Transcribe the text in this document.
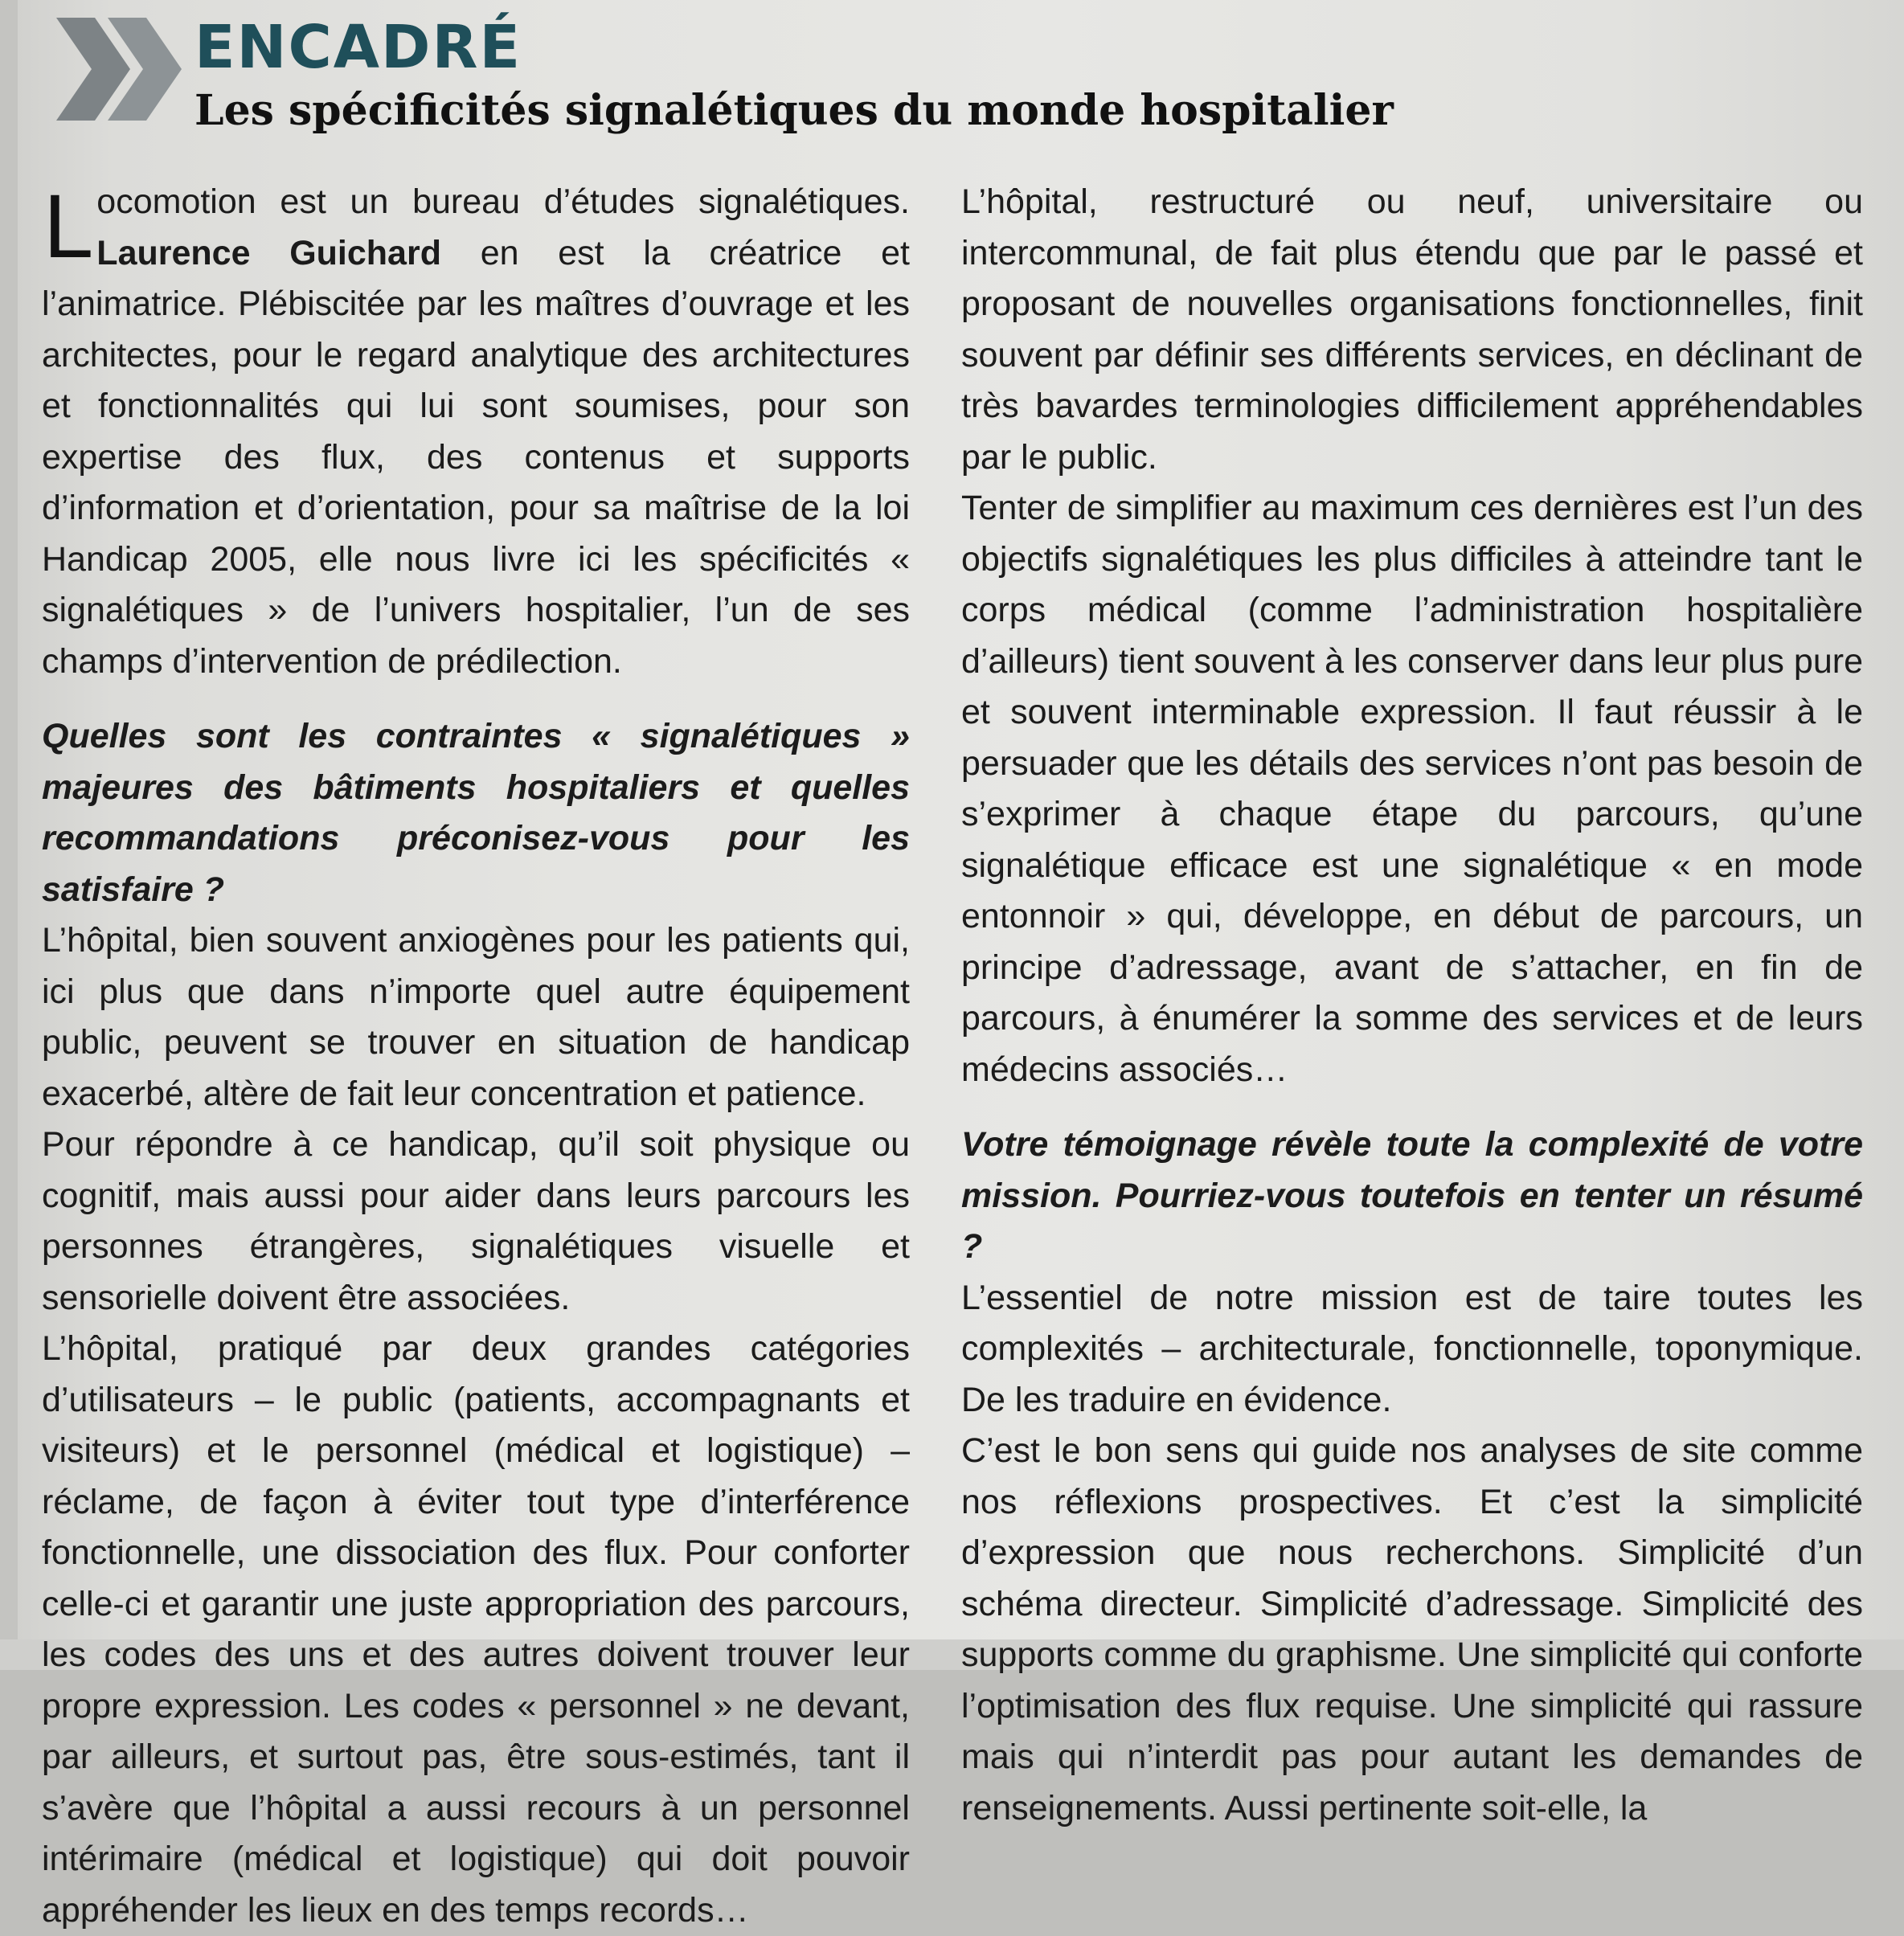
ENCADRÉ
Les spécificités signalétiques du monde hospitalier

Locomotion est un bureau d’études signalétiques. Laurence Guichard en est la créatrice et l’animatrice. Plébiscitée par les maîtres d’ouvrage et les architectes, pour le regard analytique des architectures et fonctionnalités qui lui sont soumises, pour son expertise des flux, des contenus et supports d’information et d’orientation, pour sa maîtrise de la loi Handicap 2005, elle nous livre ici les spécificités « signalétiques » de l’univers hospitalier, l’un de ses champs d’intervention de prédilection.

Quelles sont les contraintes « signalétiques » majeures des bâtiments hospitaliers et quelles recommandations préconisez-vous pour les satisfaire ?

L’hôpital, bien souvent anxiogènes pour les patients qui, ici plus que dans n’importe quel autre équipement public, peuvent se trouver en situation de handicap exacerbé, altère de fait leur concentration et patience.

Pour répondre à ce handicap, qu’il soit physique ou cognitif, mais aussi pour aider dans leurs parcours les personnes étrangères, signalétiques visuelle et sensorielle doivent être associées.

L’hôpital, pratiqué par deux grandes catégories d’utilisateurs – le public (patients, accompagnants et visiteurs) et le personnel (médical et logistique) – réclame, de façon à éviter tout type d’interférence fonctionnelle, une dissociation des flux. Pour conforter celle-ci et garantir une juste appropriation des parcours, les codes des uns et des autres doivent trouver leur propre expression. Les codes « personnel » ne devant, par ailleurs, et surtout pas, être sous-estimés, tant il s’avère que l’hôpital a aussi recours à un personnel intérimaire (médical et logistique) qui doit pouvoir appréhender les lieux en des temps records…

L’hôpital, restructuré ou neuf, universitaire ou intercommunal, de fait plus étendu que par le passé et proposant de nouvelles organisations fonctionnelles, finit souvent par définir ses différents services, en déclinant de très bavardes terminologies difficilement appréhendables par le public.

Tenter de simplifier au maximum ces dernières est l’un des objectifs signalétiques les plus difficiles à atteindre tant le corps médical (comme l’administration hospitalière d’ailleurs) tient souvent à les conserver dans leur plus pure et souvent interminable expression. Il faut réussir à le persuader que les détails des services n’ont pas besoin de s’exprimer à chaque étape du parcours, qu’une signalétique efficace est une signalétique « en mode entonnoir » qui, développe, en début de parcours, un principe d’adressage, avant de s’attacher, en fin de parcours, à énumérer la somme des services et de leurs médecins associés…

Votre témoignage révèle toute la complexité de votre mission. Pourriez-vous toutefois en tenter un résumé ?

L’essentiel de notre mission est de taire toutes les complexités – architecturale, fonctionnelle, toponymique. De les traduire en évidence.

C’est le bon sens qui guide nos analyses de site comme nos réflexions prospectives. Et c’est la simplicité d’expression que nous recherchons. Simplicité d’un schéma directeur. Simplicité d’adressage. Simplicité des supports comme du graphisme. Une simplicité qui conforte l’optimisation des flux requise. Une simplicité qui rassure mais qui n’interdit pas pour autant les demandes de renseignements. Aussi pertinente soit-elle, la
